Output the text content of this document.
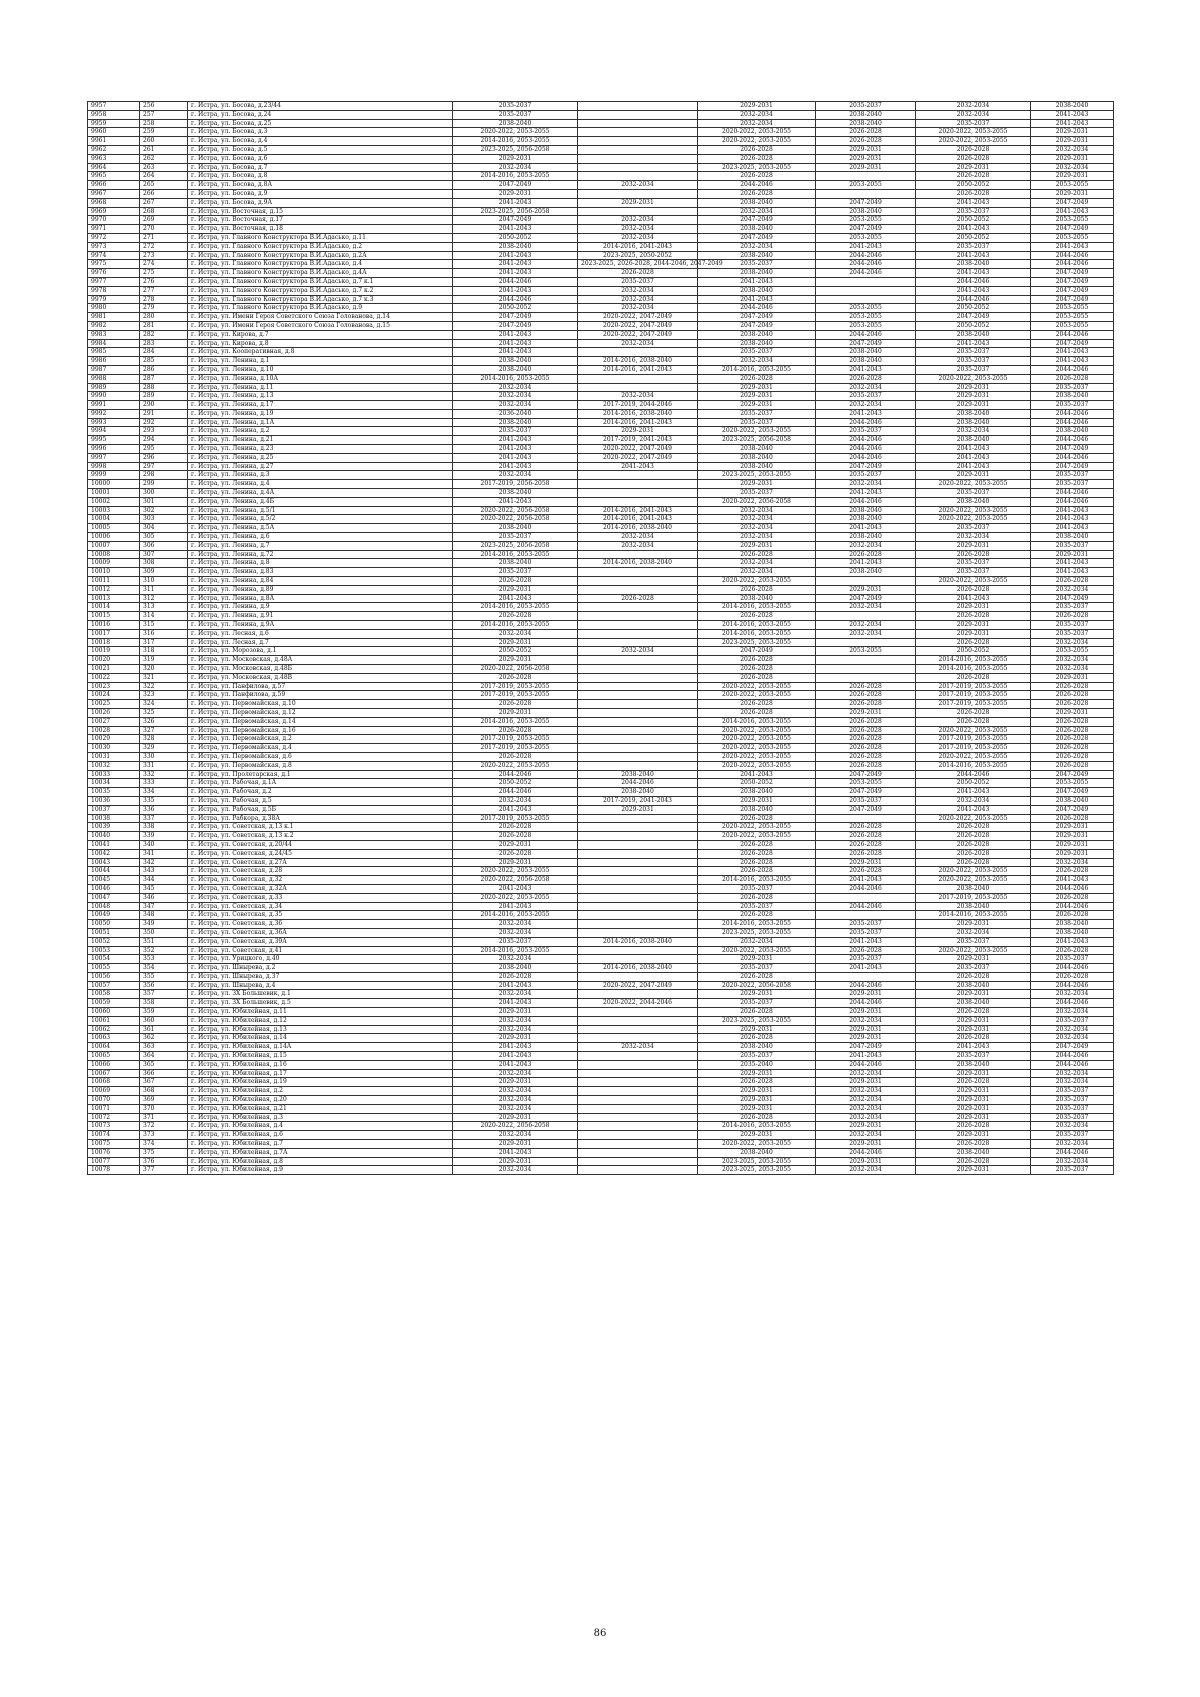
9957	256	г. Истра, ул. Босова, д.23/44	2035-2037		2029-2031	2035-2037	2032-2034	2038-2040
9958	257	г. Истра, ул. Босова, д.24	2035-2037		2032-2034	2038-2040	2032-2034	2041-2043
9959	258	г. Истра, ул. Босова, д.25	2038-2040		2032-2034	2038-2040	2035-2037	2041-2043
9960	259	г. Истра, ул. Босова, д.3	2020-2022, 2053-2055		2020-2022, 2053-2055	2026-2028	2020-2022, 2053-2055	2029-2031
9961	260	г. Истра, ул. Босова, д.4	2014-2016, 2053-2055		2020-2022, 2053-2055	2026-2028	2020-2022, 2053-2055	2029-2031
9962	261	г. Истра, ул. Босова, д.5	2023-2025, 2056-2058		2026-2028	2029-2031	2026-2028	2032-2034
9963	262	г. Истра, ул. Босова, д.6	2029-2031		2026-2028	2029-2031	2026-2028	2029-2031
9964	263	г. Истра, ул. Босова, д.7	2032-2034		2023-2025, 2053-2055	2029-2031	2029-2031	2032-2034
9965	264	г. Истра, ул. Босова, д.8	2014-2016, 2053-2055		2026-2028		2026-2028	2029-2031
9966	265	г. Истра, ул. Босова, д.8А	2047-2049	2032-2034	2044-2046	2053-2055	2050-2052	2053-2055
9967	266	г. Истра, ул. Босова, д.9	2029-2031		2026-2028		2026-2028	2029-2031
9968	267	г. Истра, ул. Босова, д.9А	2041-2043	2029-2031	2038-2040	2047-2049	2041-2043	2047-2049
9969	268	г. Истра, ул. Восточная, д.15	2023-2025, 2056-2058		2032-2034	2038-2040	2035-2037	2041-2043
9970	269	г. Истра, ул. Восточная, д.17	2047-2049	2032-2034	2047-2049	2053-2055	2050-2052	2053-2055
9971	270	г. Истра, ул. Восточная, д.18	2041-2043	2032-2034	2038-2040	2047-2049	2041-2043	2047-2049
9972	271	г. Истра, ул. Главного Конструктора В.И.Адасько, д.11	2050-2052	2032-2034	2047-2049	2053-2055	2050-2052	2053-2055
9973	272	г. Истра, ул. Главного Конструктора В.И.Адасько, д.2	2038-2040	2014-2016, 2041-2043	2032-2034	2041-2043	2035-2037	2041-2043
9974	273	г. Истра, ул. Главного Конструктора В.И.Адасько, д.2А	2041-2043	2023-2025, 2050-2052	2038-2040	2044-2046	2041-2043	2044-2046
9975	274	г. Истра, ул. Главного Конструктора В.И.Адасько, д.4	2041-2043	2023-2025, 2026-2028, 2044-2046, 2047-2049	2035-2037	2044-2046	2038-2040	2044-2046
9976	275	г. Истра, ул. Главного Конструктора В.И.Адасько, д.4А	2041-2043	2026-2028	2038-2040	2044-2046	2041-2043	2047-2049
9977	276	г. Истра, ул. Главного Конструктора В.И.Адасько, д.7 к.1	2044-2046	2035-2037	2041-2043		2044-2046	2047-2049
9978	277	г. Истра, ул. Главного Конструктора В.И.Адасько, д.7 к.2	2041-2043	2032-2034	2038-2040		2041-2043	2047-2049
9979	278	г. Истра, ул. Главного Конструктора В.И.Адасько, д.7 к.3	2044-2046	2032-2034	2041-2043		2044-2046	2047-2049
9980	279	г. Истра, ул. Главного Конструктора В.И.Адасько, д.9	2050-2052	2032-2034	2044-2046	2053-2055	2050-2052	2053-2055
9981	280	г. Истра, ул. Имени Героя Советского Союза Голованова, д.14	2047-2049	2020-2022, 2047-2049	2047-2049	2053-2055	2047-2049	2053-2055
9982	281	г. Истра, ул. Имени Героя Советского Союза Голованова, д.15	2047-2049	2020-2022, 2047-2049	2047-2049	2053-2055	2050-2052	2053-2055
9983	282	г. Истра, ул. Кирова, д.7	2041-2043	2020-2022, 2047-2049	2038-2040	2044-2046	2038-2040	2044-2046
9984	283	г. Истра, ул. Кирова, д.8	2041-2043	2032-2034	2038-2040	2047-2049	2041-2043	2047-2049
9985	284	г. Истра, ул. Кооперативная, д.8	2041-2043		2035-2037	2038-2040	2035-2037	2041-2043
9986	285	г. Истра, ул. Ленина, д.1	2038-2040	2014-2016, 2038-2040	2032-2034	2038-2040	2035-2037	2041-2043
9987	286	г. Истра, ул. Ленина, д.10	2038-2040	2014-2016, 2041-2043	2014-2016, 2053-2055	2041-2043	2035-2037	2044-2046
9988	287	г. Истра, ул. Ленина, д.10А	2014-2016, 2053-2055		2026-2028	2026-2028	2020-2022, 2053-2055	2026-2028
9989	288	г. Истра, ул. Ленина, д.11	2032-2034		2029-2031	2032-2034	2029-2031	2035-2037
9990	289	г. Истра, ул. Ленина, д.13	2032-2034	2032-2034	2029-2031	2035-2037	2029-2031	2038-2040
9991	290	г. Истра, ул. Ленина, д.17	2032-2034	2017-2019, 2044-2046	2029-2031	2032-2034	2029-2031	2035-2037
9992	291	г. Истра, ул. Ленина, д.19	2036-2040	2014-2016, 2038-2040	2035-2037	2041-2043	2038-2040	2044-2046
9993	292	г. Истра, ул. Ленина, д.1А	2038-2040	2014-2016, 2041-2043	2035-2037	2044-2046	2038-2040	2044-2046
9994	293	г. Истра, ул. Ленина, д.2	2035-2037	2029-2031	2020-2022, 2053-2055	2035-2037	2032-2034	2038-2040
9995	294	г. Истра, ул. Ленина, д.21	2041-2043	2017-2019, 2041-2043	2023-2025, 2056-2058	2044-2046	2038-2040	2044-2046
9996	295	г. Истра, ул. Ленина, д.23	2041-2043	2020-2022, 2047-2049	2038-2040	2044-2046	2041-2043	2047-2049
9997	296	г. Истра, ул. Ленина, д.25	2041-2043	2020-2022, 2047-2049	2038-2040	2044-2046	2041-2043	2044-2046
9998	297	г. Истра, ул. Ленина, д.27	2041-2043	2041-2043	2038-2040	2047-2049	2041-2043	2047-2049
9999	298	г. Истра, ул. Ленина, д.3	2032-2034		2023-2025, 2053-2055	2035-2037	2029-2031	2035-2037
10000	299	г. Истра, ул. Ленина, д.4	2017-2019, 2056-2058		2029-2031	2032-2034	2020-2022, 2053-2055	2035-2037
10001	300	г. Истра, ул. Ленина, д.4А	2038-2040		2035-2037	2041-2043	2035-2037	2044-2046
10002	301	г. Истра, ул. Ленина, д.4Б	2041-2043		2020-2022, 2056-2058	2044-2046	2038-2040	2044-2046
10003	302	г. Истра, ул. Ленина, д.5/1	2020-2022, 2056-2058	2014-2016, 2041-2043	2032-2034	2038-2040	2020-2022, 2053-2055	2041-2043
10004	303	г. Истра, ул. Ленина, д.5/2	2020-2022, 2056-2058	2014-2016, 2041-2043	2032-2034	2038-2040	2020-2022, 2053-2055	2041-2043
10005	304	г. Истра, ул. Ленина, д.5А	2038-2040	2014-2016, 2038-2040	2032-2034	2041-2043	2035-2037	2041-2043
10006	305	г. Истра, ул. Ленина, д.6	2035-2037	2032-2034	2032-2034	2038-2040	2032-2034	2038-2040
10007	306	г. Истра, ул. Ленина, д.7	2023-2025, 2056-2058	2032-2034	2029-2031	2032-2034	2029-2031	2035-2037
10008	307	г. Истра, ул. Ленина, д.72	2014-2016, 2053-2055		2026-2028	2026-2028	2026-2028	2029-2031
10009	308	г. Истра, ул. Ленина, д.8	2038-2040	2014-2016, 2038-2040	2032-2034	2041-2043	2035-2037	2041-2043
10010	309	г. Истра, ул. Ленина, д.83	2035-2037		2032-2034	2038-2040	2035-2037	2041-2043
10011	310	г. Истра, ул. Ленина, д.84	2026-2028		2020-2022, 2053-2055		2020-2022, 2053-2055	2026-2028
10012	311	г. Истра, ул. Ленина, д.89	2029-2031		2026-2028	2029-2031	2026-2028	2032-2034
10013	312	г. Истра, ул. Ленина, д.8А	2041-2043	2026-2028	2038-2040	2047-2049	2041-2043	2047-2049
10014	313	г. Истра, ул. Ленина, д.9	2014-2016, 2053-2055		2014-2016, 2053-2055	2032-2034	2029-2031	2035-2037
10015	314	г. Истра, ул. Ленина, д.91	2026-2028		2026-2028		2026-2028	2026-2028
10016	315	г. Истра, ул. Ленина, д.9А	2014-2016, 2053-2055		2014-2016, 2053-2055	2032-2034	2029-2031	2035-2037
10017	316	г. Истра, ул. Лесная, д.6	2032-2034		2014-2016, 2053-2055	2032-2034	2029-2031	2035-2037
10018	317	г. Истра, ул. Лесная, д.7	2029-2031		2023-2025, 2053-2055		2026-2028	2032-2034
10019	318	г. Истра, ул. Морозова, д.1	2050-2052	2032-2034	2047-2049	2053-2055	2050-2052	2053-2055
10020	319	г. Истра, ул. Московская, д.48А	2029-2031		2026-2028		2014-2016, 2053-2055	2032-2034
10021	320	г. Истра, ул. Московская, д.48Б	2020-2022, 2056-2058		2026-2028		2014-2016, 2053-2055	2032-2034
10022	321	г. Истра, ул. Московская, д.48В	2026-2028		2026-2028		2026-2028	2029-2031
10023	322	г. Истра, ул. Панфилова, д.57	2017-2019, 2053-2055		2020-2022, 2053-2055	2026-2028	2017-2019, 2053-2055	2026-2028
10024	323	г. Истра, ул. Панфилова, д.59	2017-2019, 2053-2055		2020-2022, 2053-2055	2026-2028	2017-2019, 2053-2055	2026-2028
10025	324	г. Истра, ул. Первомайская, д.10	2026-2028		2026-2028	2026-2028	2017-2019, 2053-2055	2026-2028
10026	325	г. Истра, ул. Первомайская, д.12	2029-2031		2026-2028	2029-2031	2026-2028	2029-2031
10027	326	г. Истра, ул. Первомайская, д.14	2014-2016, 2053-2055		2014-2016, 2053-2055	2026-2028	2026-2028	2026-2028
10028	327	г. Истра, ул. Первомайская, д.16	2026-2028		2020-2022, 2053-2055	2026-2028	2020-2022, 2053-2055	2026-2028
10029	328	г. Истра, ул. Первомайская, д.2	2017-2019, 2053-2055		2020-2022, 2053-2055	2026-2028	2017-2019, 2053-2055	2026-2028
10030	329	г. Истра, ул. Первомайская, д.4	2017-2019, 2053-2055		2020-2022, 2053-2055	2026-2028	2017-2019, 2053-2055	2026-2028
10031	330	г. Истра, ул. Первомайская, д.6	2026-2028		2020-2022, 2053-2055	2026-2028	2020-2022, 2053-2055	2026-2028
10032	331	г. Истра, ул. Первомайская, д.8	2020-2022, 2053-2055		2020-2022, 2053-2055	2026-2028	2014-2016, 2053-2055	2026-2028
10033	332	г. Истра, ул. Пролетарская, д.1	2044-2046	2038-2040	2041-2043	2047-2049	2044-2046	2047-2049
10034	333	г. Истра, ул. Рабочая, д.1А	2050-2052	2044-2046	2050-2052	2053-2055	2050-2052	2053-2055
10035	334	г. Истра, ул. Рабочая, д.2	2044-2046	2038-2040	2038-2040	2047-2049	2041-2043	2047-2049
10036	335	г. Истра, ул. Рабочая, д.5	2032-2034	2017-2019, 2041-2043	2029-2031	2035-2037	2032-2034	2038-2040
10037	336	г. Истра, ул. Рабочая, д.5Б	2041-2043	2029-2031	2038-2040	2047-2049	2041-2043	2047-2049
10038	337	г. Истра, ул. Рабкора, д.38А	2017-2019, 2053-2055		2026-2028		2020-2022, 2053-2055	2026-2028
10039	338	г. Истра, ул. Советская, д.13 к.1	2026-2028		2020-2022, 2053-2055	2026-2028	2026-2028	2029-2031
10040	339	г. Истра, ул. Советская, д.13 к.2	2026-2028		2020-2022, 2053-2055	2026-2028	2026-2028	2029-2031
10041	340	г. Истра, ул. Советская, д.20/44	2029-2031		2026-2028	2026-2028	2026-2028	2029-2031
10042	341	г. Истра, ул. Советская, д.24/45	2026-2028		2026-2028	2026-2028	2026-2028	2029-2031
10043	342	г. Истра, ул. Советская, д.27А	2029-2031		2026-2028	2029-2031	2026-2028	2032-2034
10044	343	г. Истра, ул. Советская, д.28	2020-2022, 2053-2055		2026-2028	2026-2028	2020-2022, 2053-2055	2026-2028
10045	344	г. Истра, ул. Советская, д.32	2020-2022, 2056-2058		2014-2016, 2053-2055	2041-2043	2020-2022, 2053-2055	2041-2043
10046	345	г. Истра, ул. Советская, д.32А	2041-2043		2035-2037	2044-2046	2038-2040	2044-2046
10047	346	г. Истра, ул. Советская, д.33	2020-2022, 2053-2055		2026-2028		2017-2019, 2053-2055	2026-2028
10048	347	г. Истра, ул. Советская, д.34	2041-2043		2035-2037	2044-2046	2038-2040	2044-2046
10049	348	г. Истра, ул. Советская, д.35	2014-2016, 2053-2055		2026-2028		2014-2016, 2053-2055	2026-2028
10050	349	г. Истра, ул. Советская, д.36	2032-2034		2014-2016, 2053-2055	2035-2037	2029-2031	2038-2040
10051	350	г. Истра, ул. Советская, д.36А	2032-2034		2023-2025, 2053-2055	2035-2037	2032-2034	2038-2040
10052	351	г. Истра, ул. Советская, д.39А	2035-2037	2014-2016, 2038-2040	2032-2034	2041-2043	2035-2037	2041-2043
10053	352	г. Истра, ул. Советская, д.41	2014-2016, 2053-2055		2020-2022, 2053-2055	2026-2028	2020-2022, 2053-2055	2026-2028
10054	353	г. Истра, ул. Урицкого, д.40	2032-2034		2029-2031	2035-2037	2029-2031	2035-2037
10055	354	г. Истра, ул. Шнырева, д.2	2038-2040	2014-2016, 2038-2040	2035-2037	2041-2043	2035-2037	2044-2046
10056	355	г. Истра, ул. Шнырева, д.37	2026-2028		2026-2028		2026-2028	2026-2028
10057	356	г. Истра, ул. Шнырева, д.4	2041-2043	2020-2022, 2047-2049	2020-2022, 2056-2058	2044-2046	2038-2040	2044-2046
10058	357	г. Истра, ул. ЗХ Большевик, д.1	2032-2034		2029-2031	2029-2031	2029-2031	2032-2034
10059	358	г. Истра, ул. ЗХ Большевик, д.5	2041-2043	2020-2022, 2044-2046	2035-2037	2044-2046	2038-2040	2044-2046
10060	359	г. Истра, ул. Юбилейная, д.11	2029-2031		2026-2028	2029-2031	2026-2028	2032-2034
10061	360	г. Истра, ул. Юбилейная, д.12	2032-2034		2023-2025, 2053-2055	2032-2034	2029-2031	2035-2037
10062	361	г. Истра, ул. Юбилейная, д.13	2032-2034		2029-2031	2029-2031	2029-2031	2032-2034
10063	362	г. Истра, ул. Юбилейная, д.14	2029-2031		2026-2028	2029-2031	2026-2028	2032-2034
10064	363	г. Истра, ул. Юбилейная, д.14А	2041-2043	2032-2034	2038-2040	2047-2049	2041-2043	2047-2049
10065	364	г. Истра, ул. Юбилейная, д.15	2041-2043		2035-2037	2041-2043	2035-2037	2044-2046
10066	365	г. Истра, ул. Юбилейная, д.16	2041-2043		2035-2040	2044-2046	2038-2040	2044-2046
10067	366	г. Истра, ул. Юбилейная, д.17	2032-2034		2029-2031	2032-2034	2029-2031	2032-2034
10068	367	г. Истра, ул. Юбилейная, д.19	2029-2031		2026-2028	2029-2031	2026-2028	2032-2034
10069	368	г. Истра, ул. Юбилейная, д.2	2032-2034		2029-2031	2032-2034	2029-2031	2035-2037
10070	369	г. Истра, ул. Юбилейная, д.20	2032-2034		2029-2031	2032-2034	2029-2031	2035-2037
10071	370	г. Истра, ул. Юбилейная, д.21	2032-2034		2029-2031	2032-2034	2029-2031	2035-2037
10072	371	г. Истра, ул. Юбилейная, д.3	2029-2031		2026-2028	2032-2034	2029-2031	2035-2037
10073	372	г. Истра, ул. Юбилейная, д.4	2020-2022, 2056-2058		2014-2016, 2053-2055	2029-2031	2026-2028	2032-2034
10074	373	г. Истра, ул. Юбилейная, д.6	2032-2034		2029-2031	2032-2034	2029-2031	2035-2037
10075	374	г. Истра, ул. Юбилейная, д.7	2029-2031		2020-2022, 2053-2055	2029-2031	2026-2028	2032-2034
10076	375	г. Истра, ул. Юбилейная, д.7А	2041-2043		2038-2040	2044-2046	2038-2040	2044-2046
10077	376	г. Истра, ул. Юбилейная, д.8	2029-2031		2023-2025, 2053-2055	2029-2031	2026-2028	2032-2034
10078	377	г. Истра, ул. Юбилейная, д.9	2032-2034		2023-2025, 2053-2055	2032-2034	2029-2031	2035-2037
86
